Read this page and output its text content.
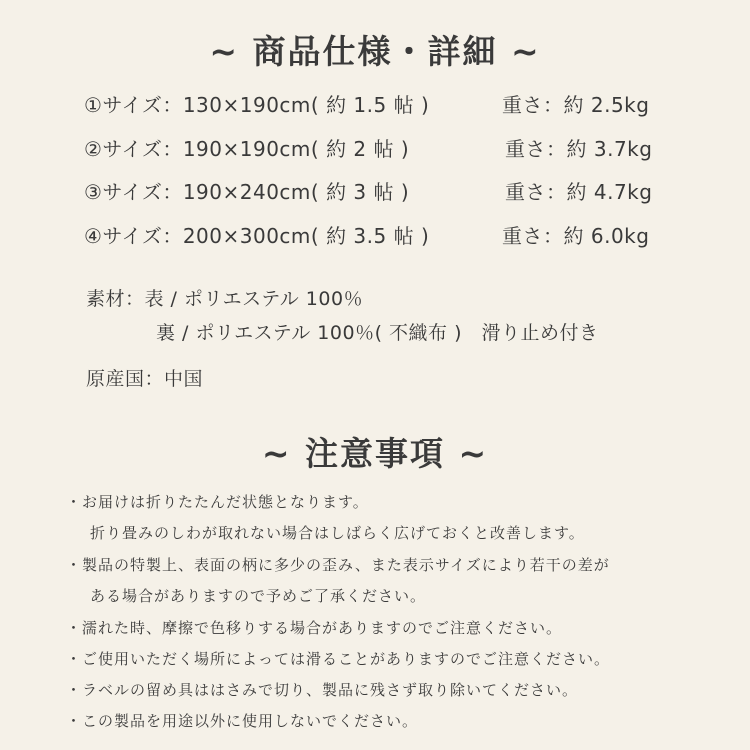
~ 商品仕様・詳細 ~
①サイズ：130×190cm( 約 1.5 帖 )	重さ：約 2.5kg
②サイズ：190×190cm( 約 2 帖 )	重さ：約 3.7kg
③サイズ：190×240cm( 約 3 帖 )	重さ：約 4.7kg
④サイズ：200×300cm( 約 3.5 帖 )	重さ：約 6.0kg
素材：表 / ポリエステル 100％
裏 / ポリエステル 100％( 不織布 )　滑り止め付き
原産国：中国
~ 注意事項 ~
・お届けは折りたたんだ状態となります。
折り畳みのしわが取れない場合はしばらく広げておくと改善します。
・製品の特製上、表面の柄に多少の歪み、また表示サイズにより若干の差が
ある場合がありますので予めご了承ください。
・濡れた時、摩擦で色移りする場合がありますのでご注意ください。
・ご使用いただく場所によっては滑ることがありますのでご注意ください。
・ラベルの留め具ははさみで切り、製品に残さず取り除いてください。
・この製品を用途以外に使用しないでください。
